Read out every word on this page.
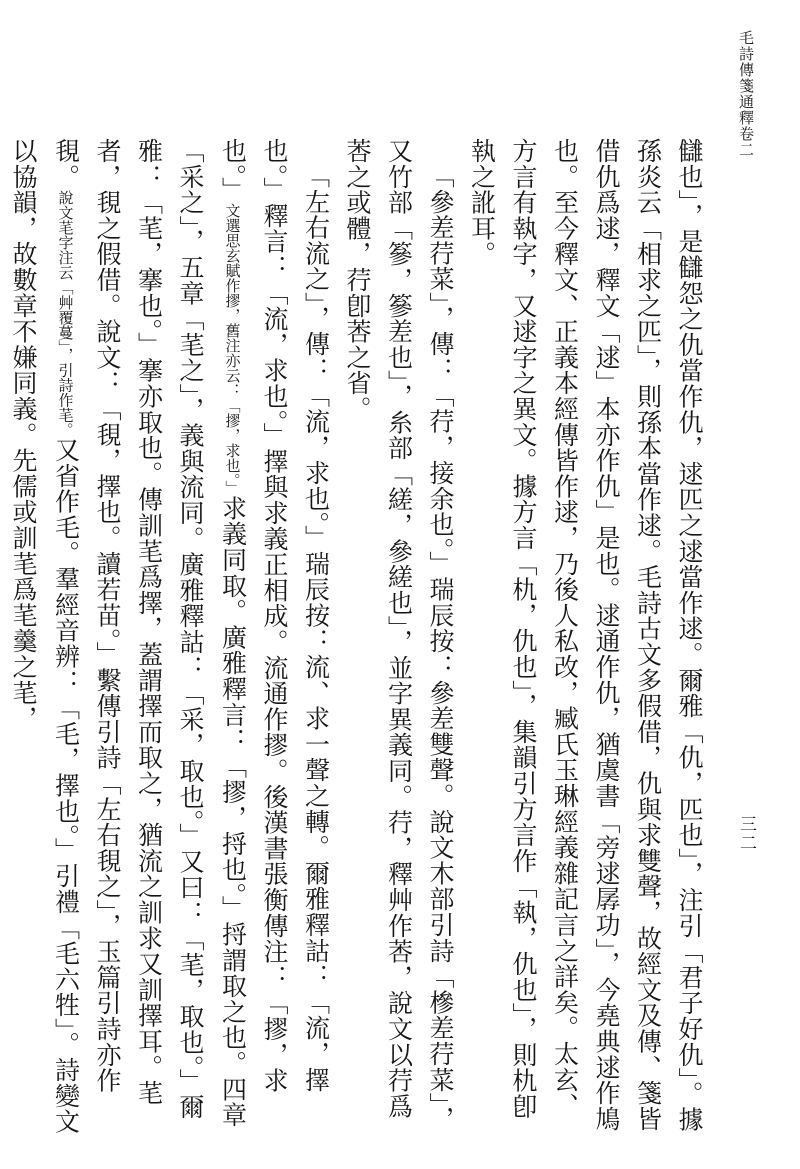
毛詩傳箋通釋卷二
三二

讎也」，是讎怨之仇當作仇，逑匹之逑當作逑。爾雅「仇，匹也」，注引「君子好仇」。據孫炎云「相求之匹」，則孫本當作逑。毛詩古文多假借，仇與求雙聲，故經文及傳、箋皆借仇爲逑，釋文「逑」本亦作仇」是也。逑通作仇，猶虞書「旁逑孱功」，今堯典逑作鳩也。至今釋文、正義本經傳皆作逑，乃後人私改，臧氏玉琳經義雜記言之詳矣。太玄、方言有執字，又逑字之異文。據方言「朹，仇也」，集韻引方言作「執，仇也」，則朹卽執之訛耳。

「參差荇菜」，傳：「荇，接余也。」瑞辰按：參差雙聲。說文木部引詩「槮差荇菜」，又竹部「篸，篸差也」，糸部「縒，參縒也」，並字異義同。荇，釋艸作莕，說文以荇爲莕之或體，荇卽莕之省。

「左右流之」，傳：「流，求也。」瑞辰按：流、求一聲之轉。爾雅釋詁：「流，擇也。」釋言：「流，求也。」擇與求義正相成。流通作摎。後漢書張衡傳注：「摎，求也。」文選思玄賦作摎，舊注亦云：「摎，求也。」求義同取。廣雅釋言：「摎，捋也。」捋謂取之也。四章「采之」，五章「芼之」，義與流同。廣雅釋詁：「采，取也。」又曰：「芼，取也。」爾雅：「芼，搴也。」搴亦取也。傳訓芼爲擇，蓋謂擇而取之，猶流之訓求又訓擇耳。芼者，覒之假借。說文：「覒，擇也。讀若苗。」繫傳引詩「左右覒之」，玉篇引詩亦作覒。說文芼字注云「艸覆蔓」，引詩作芼。又省作毛。羣經音辨：「毛，擇也。」引禮「毛六牲」。詩變文以協韻，故數章不嫌同義。先儒或訓芼爲芼羹之芼，
